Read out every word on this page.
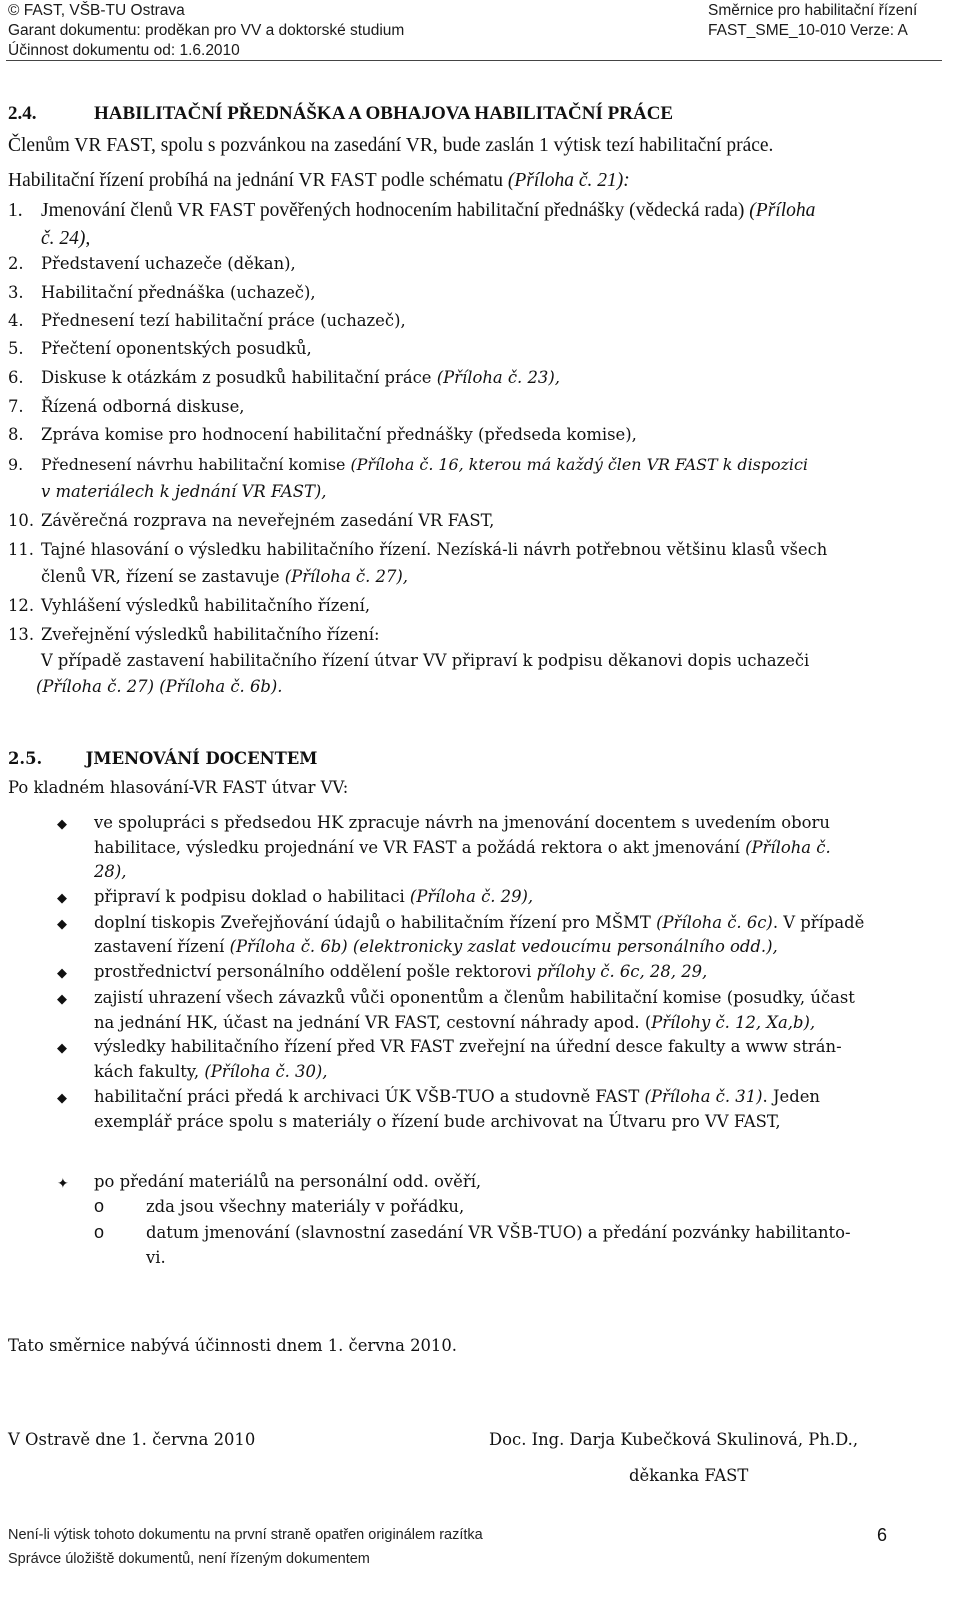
© FAST, VŠB-TU Ostrava
Garant dokumentu: proděkan pro VV a doktorské studium
Účinnost dokumentu od: 1.6.2010
Směrnice pro habilitační řízení
FAST_SME_10-010 Verze: A
2.4.	HABILITAČNÍ PŘEDNÁŠKA A OBHAJOVA HABILITAČNÍ PRÁCE
Členům VR FAST, spolu s pozvánkou na zasedání VR, bude zaslán 1 výtisk tezí habilitační práce.
Habilitační řízení probíhá na jednání VR FAST podle schématu (Příloha č. 21):
1. Jmenování členů VR FAST pověřených hodnocením habilitační přednášky (vědecká rada) (Příloha
č. 24),
2. Představení uchazeče (děkan),
3. Habilitační přednáška (uchazeč),
4. Přednesení tezí habilitační práce (uchazeč),
5. Přečtení oponentských posudků,
6. Diskuse k otázkám z posudků habilitační práce (Příloha č. 23),
7. Řízená odborná diskuse,
8. Zpráva komise pro hodnocení habilitační přednášky (předseda komise),
9. Přednesení návrhu habilitační komise (Příloha č. 16, kterou má každý člen VR FAST k dispozici
v materiálech k jednání VR FAST),
10. Závěrečná rozprava na neveřejném zasedání VR FAST,
11. Tajné hlasování o výsledku habilitačního řízení. Nezíská-li návrh potřebnou většinu klasů všech
členů VR, řízení se zastavuje (Příloha č. 27),
12. Vyhlášení výsledků habilitačního řízení,
13. Zveřejnění výsledků habilitačního řízení:
V případě zastavení habilitačního řízení útvar VV připraví k podpisu děkanovi dopis uchazeči
(Příloha č. 27) (Příloha č. 6b).
2.5.	JMENOVÁNÍ DOCENTEM
Po kladném hlasování-VR FAST útvar VV:
◆ ve spolupráci s předsedou HK zpracuje návrh na jmenování docentem s uvedením oboru
habilitace, výsledku projednání ve VR FAST a požádá rektora o akt jmenování (Příloha č.
28),
◆ připraví k podpisu doklad o habilitaci (Příloha č. 29),
◆ doplní tiskopis Zveřejňování údajů o habilitačním řízení pro MŠMT (Příloha č. 6c). V případě
zastavení řízení (Příloha č. 6b) (elektronicky zaslat vedoucímu personálního odd.),
◆ prostřednictví personálního oddělení pošle rektorovi přílohy č. 6c, 28, 29,
◆ zajistí uhrazení všech závazků vůči oponentům a členům habilitační komise (posudky, účast
na jednání HK, účast na jednání VR FAST, cestovní náhrady apod. (Přílohy č. 12, Xa,b),
◆ výsledky habilitačního řízení před VR FAST zveřejní na úřední desce fakulty a www strán-
kách fakulty, (Příloha č. 30),
◆ habilitační práci předá k archivaci ÚK VŠB-TUO a studovně FAST (Příloha č. 31). Jeden
exemplář práce spolu s materiály o řízení bude archivovat na Útvaru pro VV FAST,
✦ po předání materiálů na personální odd. ověří,
o	zda jsou všechny materiály v pořádku,
o	datum jmenování (slavnostní zasedání VR VŠB-TUO) a předání pozvánky habilitanto-
vi.
Tato směrnice nabývá účinnosti dnem 1. června 2010.
V Ostravě dne 1. června 2010	Doc. Ing. Darja Kubečková Skulinová, Ph.D.,
děkanka FAST
Není-li výtisk tohoto dokumentu na první straně opatřen originálem razítka
Správce úložiště dokumentů, není řízeným dokumentem
6
